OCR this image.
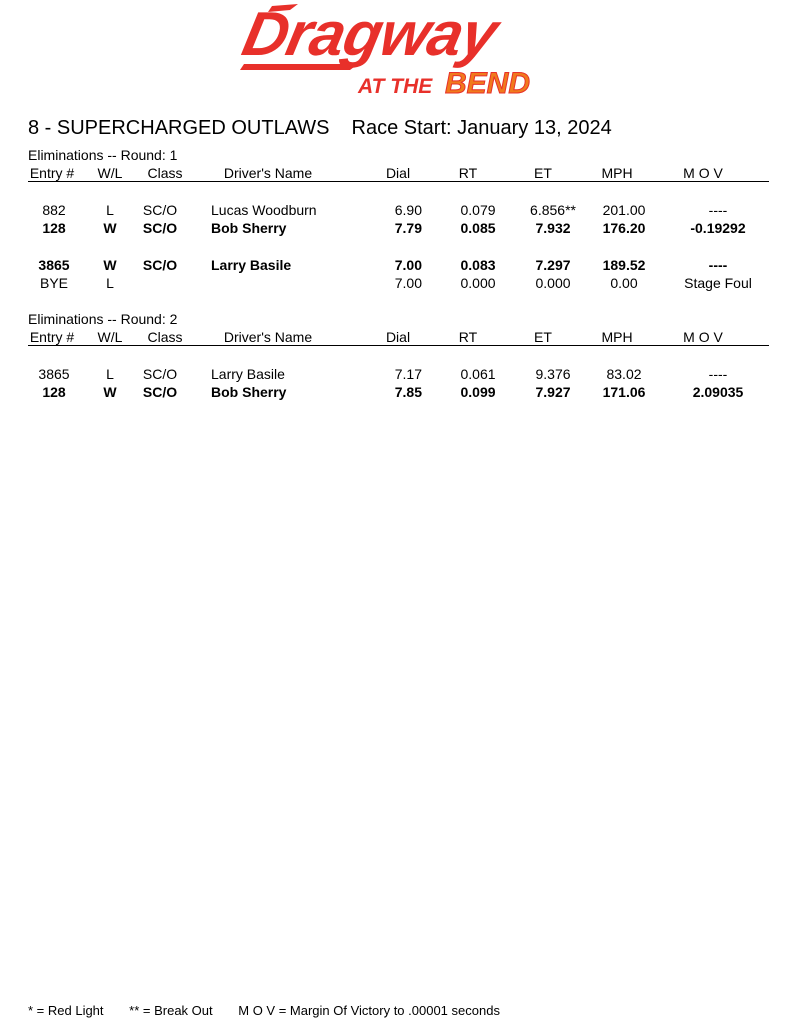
Dragway
AT THE BEND
8 - SUPERCHARGED OUTLAWS Race Start: January 13, 2024
Eliminations -- Round: 1
Entry # W/L Class	Driver's Name	Dial	RT	ET	MPH	M O V
882	L SC/O Lucas Woodburn	6.90	0.079 6.856** 201.00	----
128	W SC/O Bob Sherry	7.79	0.085	7.932 176.20	-0.19292
3865 W SC/O Larry Basile	7.00	0.083	7.297 189.52	----
BYE	L	7.00	0.000	0.000	0.00	Stage Foul
Eliminations -- Round: 2
Entry # W/L Class	Driver's Name	Dial	RT	ET	MPH	M O V
3865	L SC/O Larry Basile	7.17	0.061	9.376	83.02	----
128	W SC/O Bob Sherry	7.85	0.099	7.927 171.06	2.09035
* = Red Light ** = Break Out M O V = Margin Of Victory to .00001 seconds
